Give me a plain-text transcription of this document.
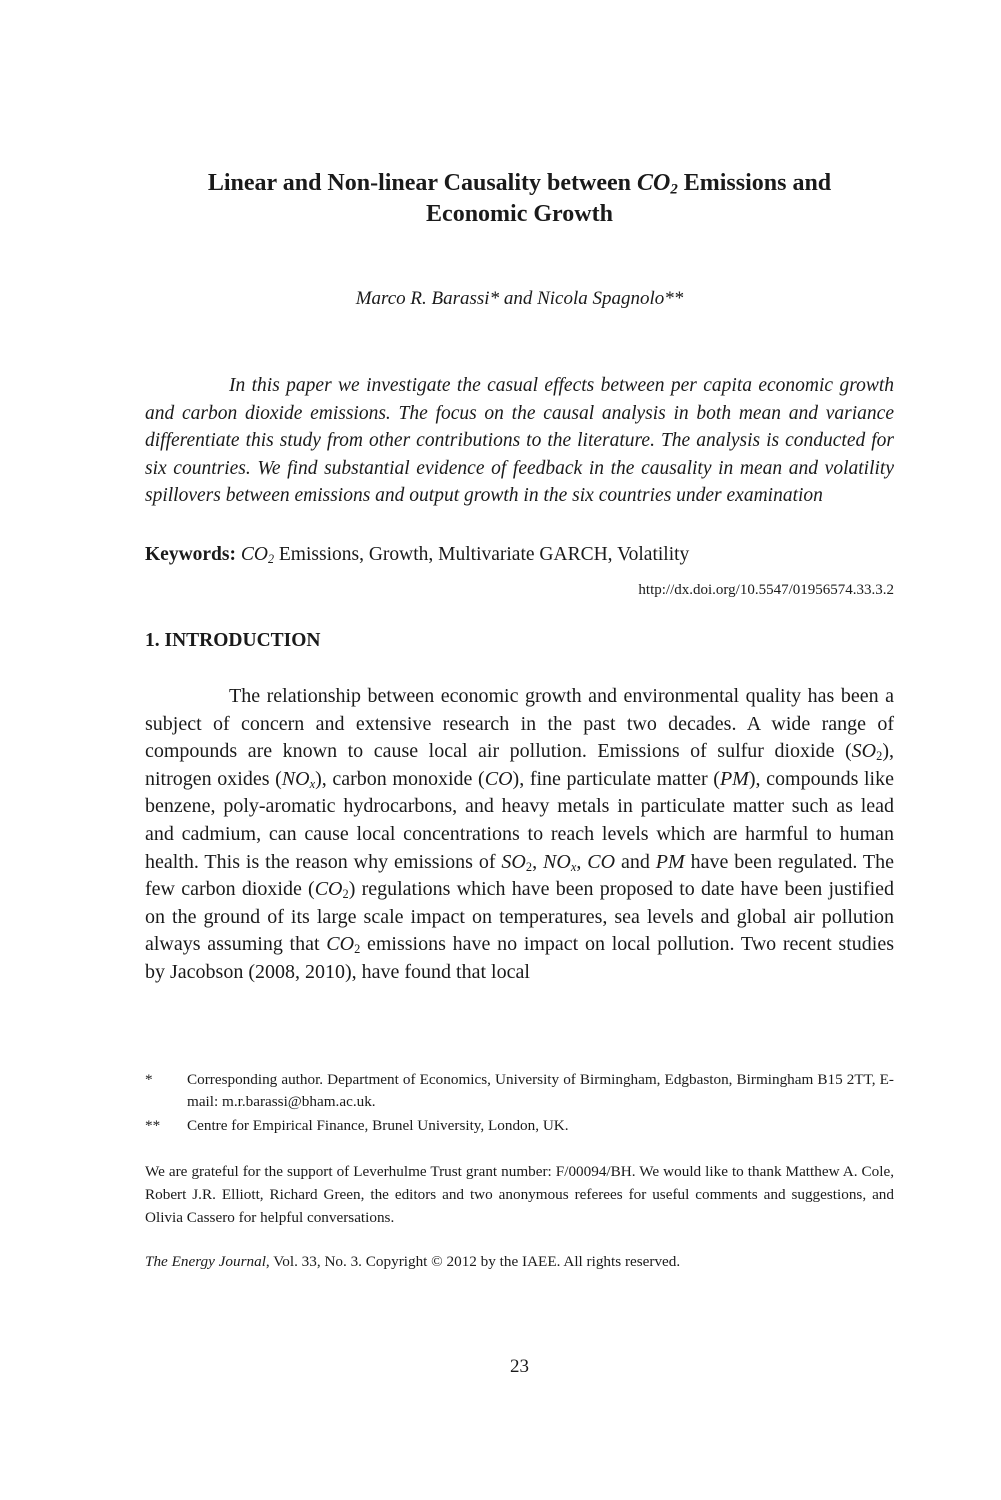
Linear and Non-linear Causality between $CO_2$ Emissions and
Economic Growth
Marco R. Barassi* and Nicola Spagnolo**
In this paper we investigate the casual effects between per capita economic growth and carbon dioxide emissions. The focus on the causal analysis in both mean and variance differentiate this study from other contributions to the literature. The analysis is conducted for six countries. We find substantial evidence of feedback in the causality in mean and volatility spillovers between emissions and output growth in the six countries under examination
Keywords: $CO_2$ Emissions, Growth, Multivariate GARCH, Volatility
http://dx.doi.org/10.5547/01956574.33.3.2
1. INTRODUCTION
The relationship between economic growth and environmental quality has been a subject of concern and extensive research in the past two decades. A wide range of compounds are known to cause local air pollution. Emissions of sulfur dioxide $(SO_2)$, nitrogen oxides $(NO_x)$, carbon monoxide (CO), fine particulate matter (PM), compounds like benzene, poly-aromatic hydrocarbons, and heavy metals in particulate matter such as lead and cadmium, can cause local concentrations to reach levels which are harmful to human health. This is the reason why emissions of $SO_2$, $NO_x$, CO and PM have been regulated. The few carbon dioxide $(CO_2)$ regulations which have been proposed to date have been justified on the ground of its large scale impact on temperatures, sea levels and global air pollution always assuming that $CO_2$ emissions have no impact on local pollution. Two recent studies by Jacobson (2008, 2010), have found that local
* Corresponding author. Department of Economics, University of Birmingham, Edgbaston, Birmingham B15 2TT, E-mail: m.r.barassi@bham.ac.uk.
** Centre for Empirical Finance, Brunel University, London, UK.
We are grateful for the support of Leverhulme Trust grant number: F/00094/BH. We would like to thank Matthew A. Cole, Robert J.R. Elliott, Richard Green, the editors and two anonymous referees for useful comments and suggestions, and Olivia Cassero for helpful conversations.
The Energy Journal, Vol. 33, No. 3. Copyright © 2012 by the IAEE. All rights reserved.
23
